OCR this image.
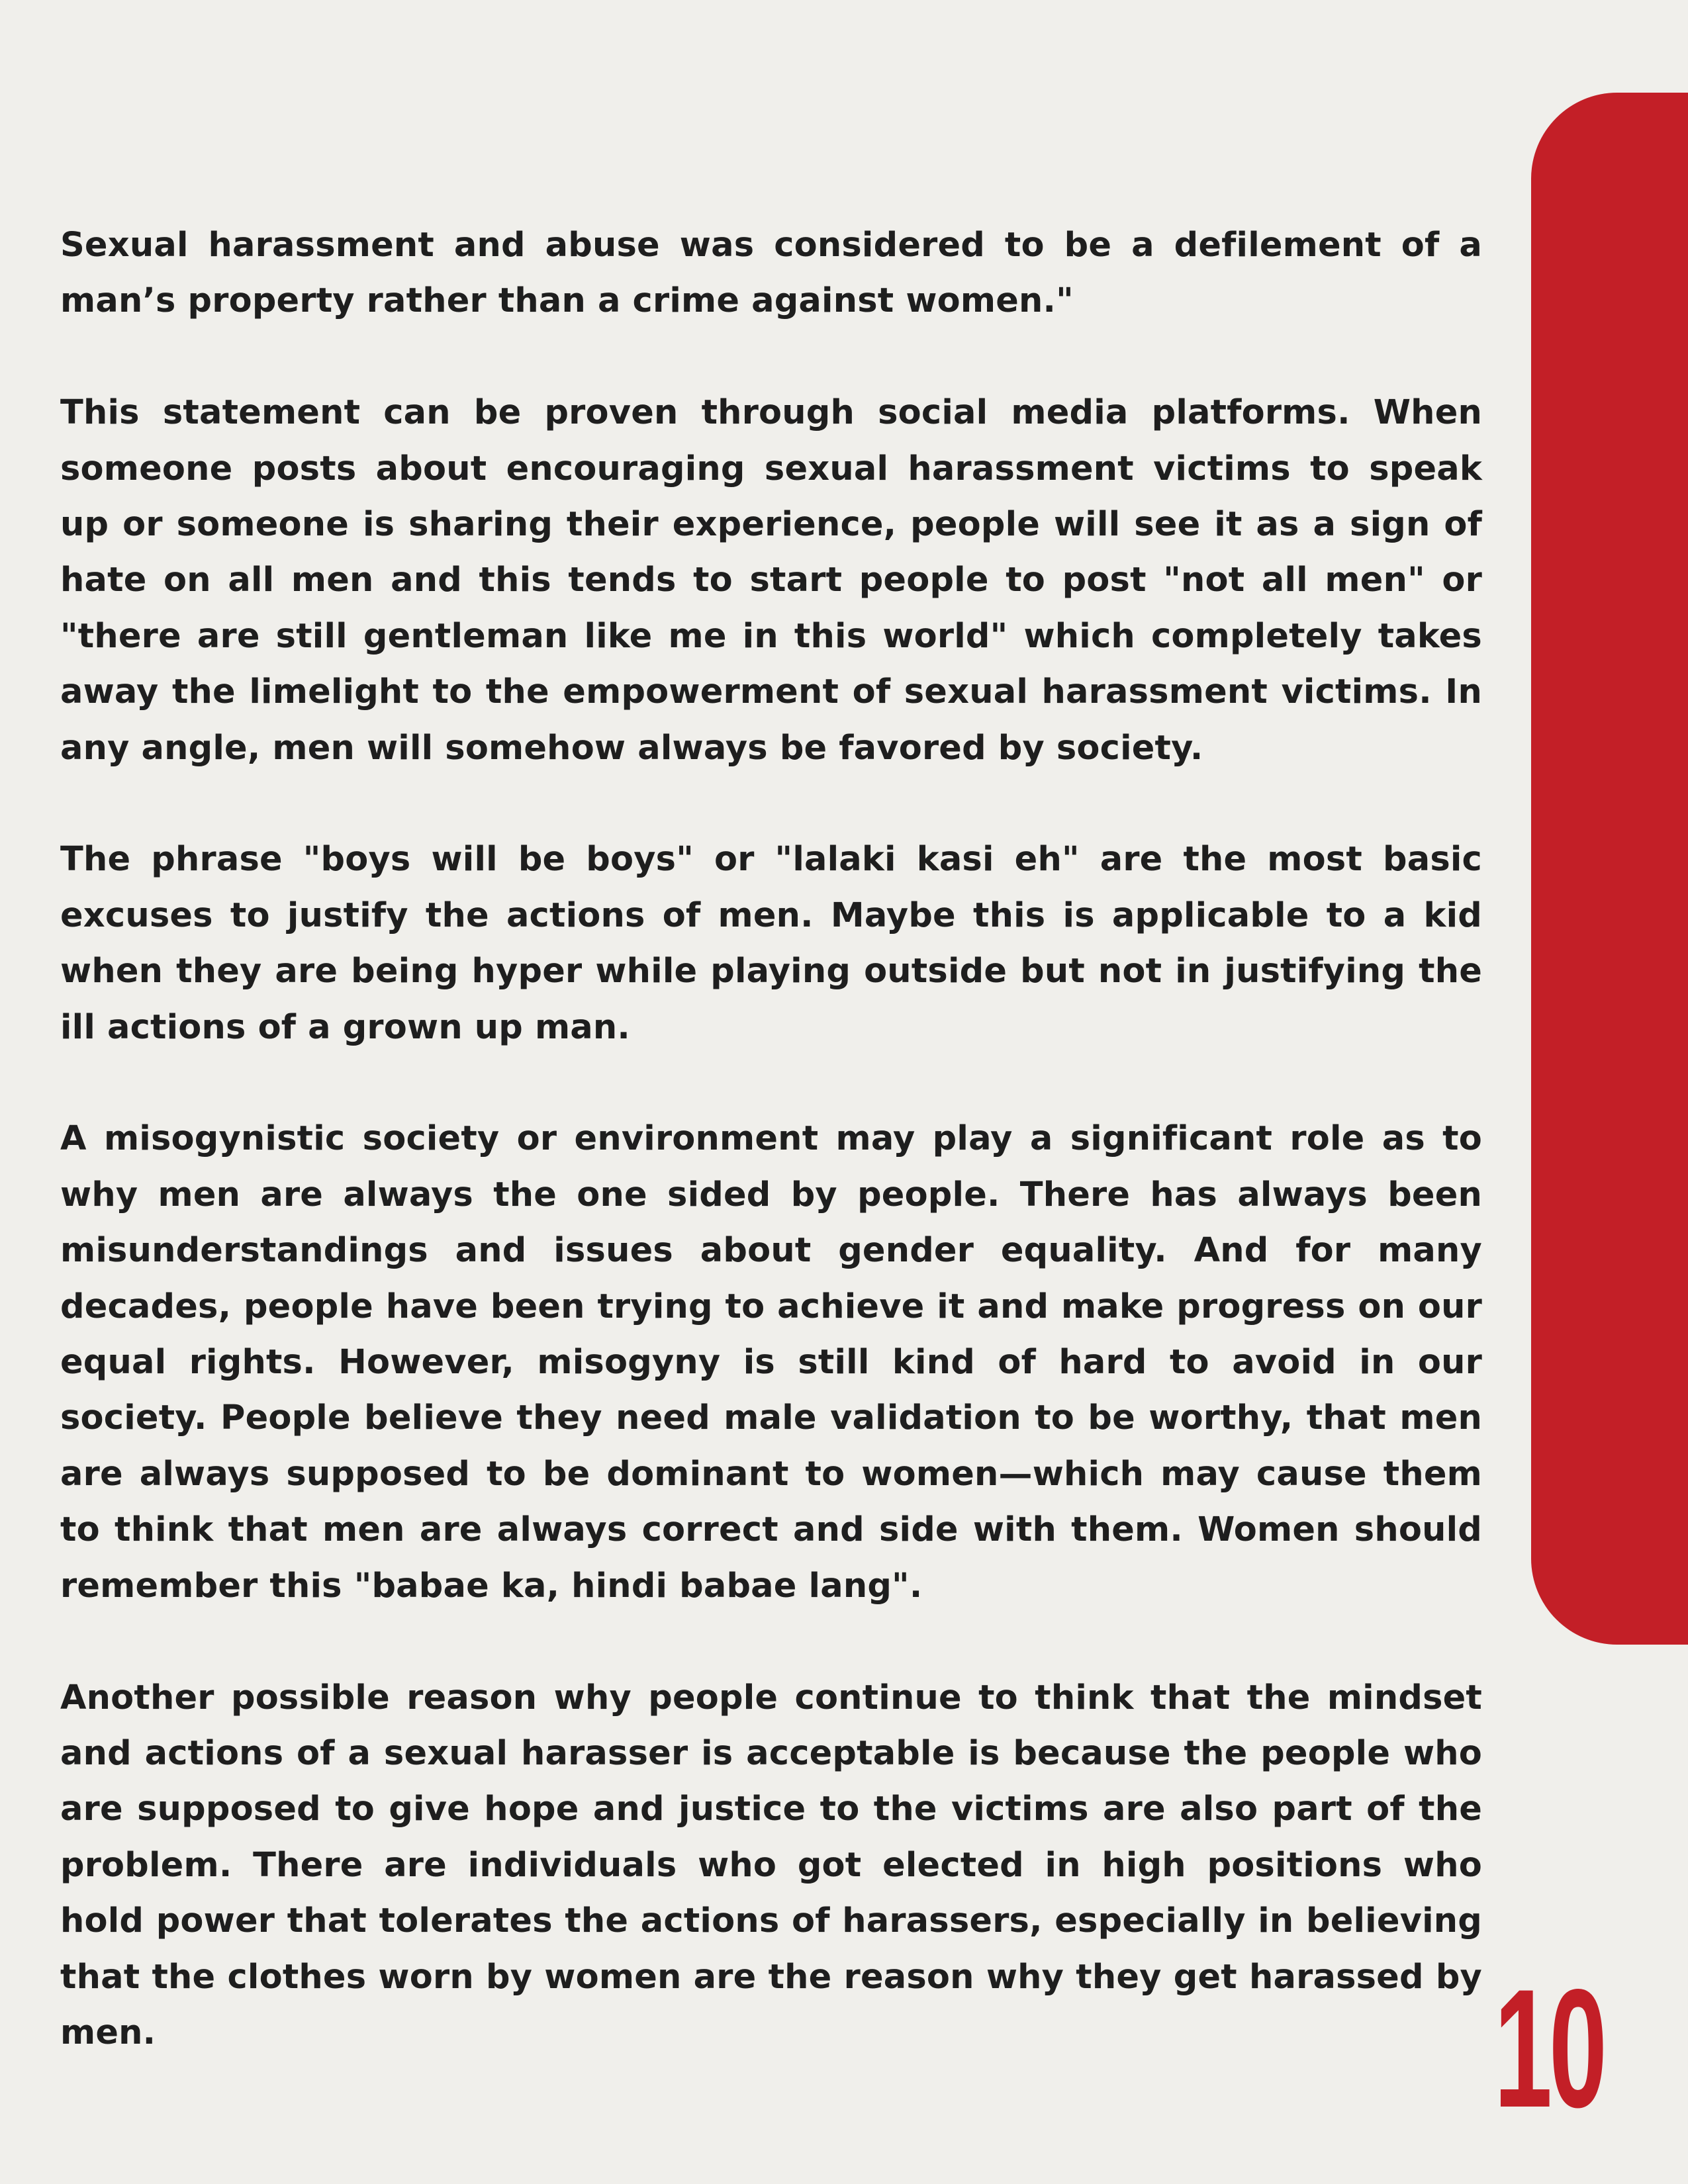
Sexual harassment and abuse was considered to be a defilement of a man’s property rather than a crime against women."

This statement can be proven through social media platforms. When someone posts about encouraging sexual harassment victims to speak up or someone is sharing their experience, people will see it as a sign of hate on all men and this tends to start people to post "not all men" or "there are still gentleman like me in this world" which completely takes away the limelight to the empowerment of sexual harassment victims. In any angle, men will somehow always be favored by society.

The phrase "boys will be boys" or "lalaki kasi eh" are the most basic excuses to justify the actions of men. Maybe this is applicable to a kid when they are being hyper while playing outside but not in justifying the ill actions of a grown up man.

A misogynistic society or environment may play a significant role as to why men are always the one sided by people. There has always been misunderstandings and issues about gender equality. And for many decades, people have been trying to achieve it and make progress on our equal rights. However, misogyny is still kind of hard to avoid in our society. People believe they need male validation to be worthy, that men are always supposed to be dominant to women—which may cause them to think that men are always correct and side with them. Women should remember this "babae ka, hindi babae lang".

Another possible reason why people continue to think that the mindset and actions of a sexual harasser is acceptable is because the people who are supposed to give hope and justice to the victims are also part of the problem. There are individuals who got elected in high positions who hold power that tolerates the actions of harassers, especially in believing that the clothes worn by women are the reason why they get harassed by men.	10
